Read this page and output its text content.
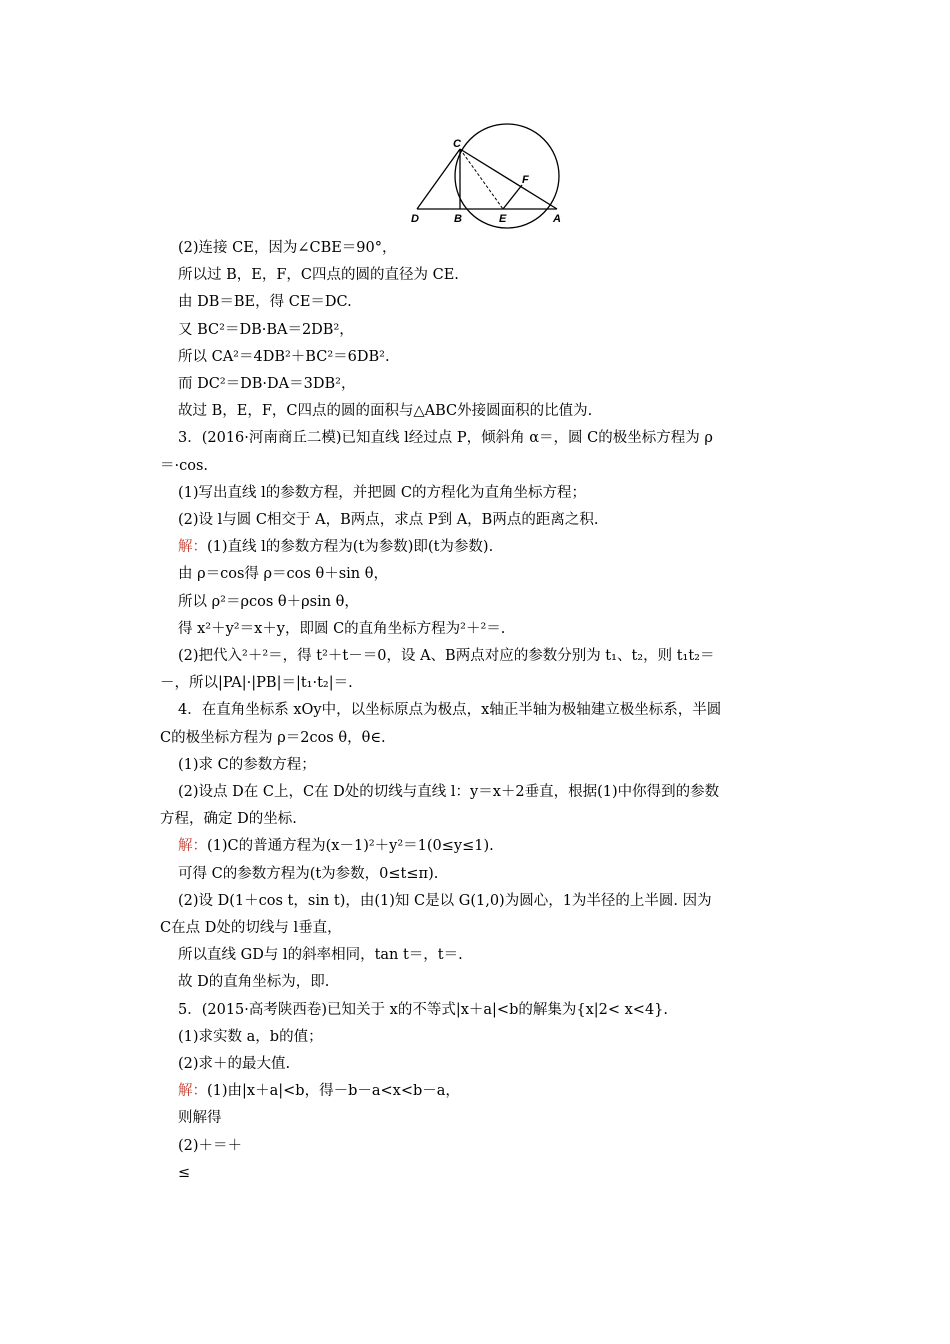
C
F
D	B	E	A
(2)连接 CE，因为∠CBE＝90°，
所以过 B，E，F，C四点的圆的直径为 CE.
由 DB＝BE，得 CE＝DC.
又 BC²＝DB·BA＝2DB²，
所以 CA²＝4DB²＋BC²＝6DB².
而 DC²＝DB·DA＝3DB²，
故过 B，E，F，C四点的圆的面积与△ABC外接圆面积的比值为.
3．(2016·河南商丘二模)已知直线 l经过点 P，倾斜角 α＝，圆 C的极坐标方程为 ρ
＝·cos.
(1)写出直线 l的参数方程，并把圆 C的方程化为直角坐标方程；
(2)设 l与圆 C相交于 A，B两点，求点 P到 A，B两点的距离之积.
解：(1)直线 l的参数方程为(t为参数)即(t为参数).
由 ρ＝cos得 ρ＝cos θ＋sin θ，
所以 ρ²＝ρcos θ＋ρsin θ，
得 x²＋y²＝x＋y，即圆 C的直角坐标方程为²＋²＝.
(2)把代入²＋²＝，得 t²＋t－＝0，设 A、B两点对应的参数分别为 t₁、t₂，则 t₁t₂＝
－，所以|PA|·|PB|＝|t₁·t₂|＝.
4．在直角坐标系 xOy中，以坐标原点为极点，x轴正半轴为极轴建立极坐标系，半圆
C的极坐标方程为 ρ＝2cos θ，θ∈.
(1)求 C的参数方程；
(2)设点 D在 C上，C在 D处的切线与直线 l：y＝x＋2垂直，根据(1)中你得到的参数
方程，确定 D的坐标.
解：(1)C的普通方程为(x－1)²＋y²＝1(0≤y≤1).
可得 C的参数方程为(t为参数，0≤t≤π).
(2)设 D(1＋cos t，sin t)，由(1)知 C是以 G(1,0)为圆心，1为半径的上半圆. 因为
C在点 D处的切线与 l垂直，
所以直线 GD与 l的斜率相同，tan t＝，t＝.
故 D的直角坐标为，即.
5．(2015·高考陕西卷)已知关于 x的不等式|x＋a|<b的解集为{x|2< x<4}.
(1)求实数 a，b的值；
(2)求＋的最大值.
解：(1)由|x＋a|<b，得－b－a<x<b－a，
则解得
(2)＋＝＋
≤
